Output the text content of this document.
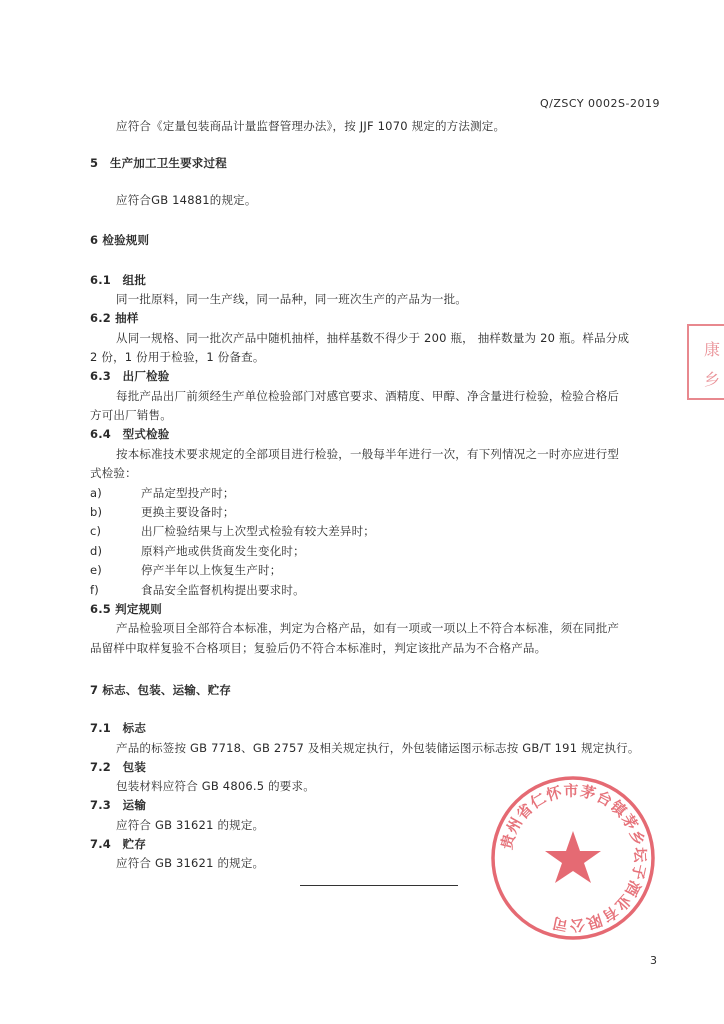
Q/ZSCY 0002S-2019
应符合《定量包装商品计量监督管理办法》，按 JJF 1070 规定的方法测定。
5　生产加工卫生要求过程
应符合GB 14881的规定。
6 检验规则
6.1　组批
同一批原料，同一生产线，同一品种，同一班次生产的产品为一批。
6.2 抽样
从同一规格、同一批次产品中随机抽样，抽样基数不得少于 200 瓶， 抽样数量为 20 瓶。样品分成
2 份，1 份用于检验，1 份备查。
6.3　出厂检验
每批产品出厂前须经生产单位检验部门对感官要求、酒精度、甲醇、净含量进行检验，检验合格后
方可出厂销售。
6.4　型式检验
按本标准技术要求规定的全部项目进行检验，一般每半年进行一次，有下列情况之一时亦应进行型
式检验：
a)	产品定型投产时；
b)	更换主要设备时；
c)	出厂检验结果与上次型式检验有较大差异时；
d)	原料产地或供货商发生变化时；
e)	停产半年以上恢复生产时；
f)	食品安全监督机构提出要求时。
6.5 判定规则
产品检验项目全部符合本标准，判定为合格产品，如有一项或一项以上不符合本标准，须在同批产
品留样中取样复验不合格项目；复验后仍不符合本标准时，判定该批产品为不合格产品。
7 标志、包装、运输、贮存
7.1　标志
产品的标签按 GB 7718、GB 2757 及相关规定执行，外包装储运图示标志按 GB/T 191 规定执行。
7.2　包装
包装材料应符合 GB 4806.5 的要求。
7.3　运输
应符合 GB 31621 的规定。
7.4　贮存
应符合 GB 31621 的规定。
贵州省仁怀市茅台镇茅乡坛子酒业有限公司
康
乡
3
